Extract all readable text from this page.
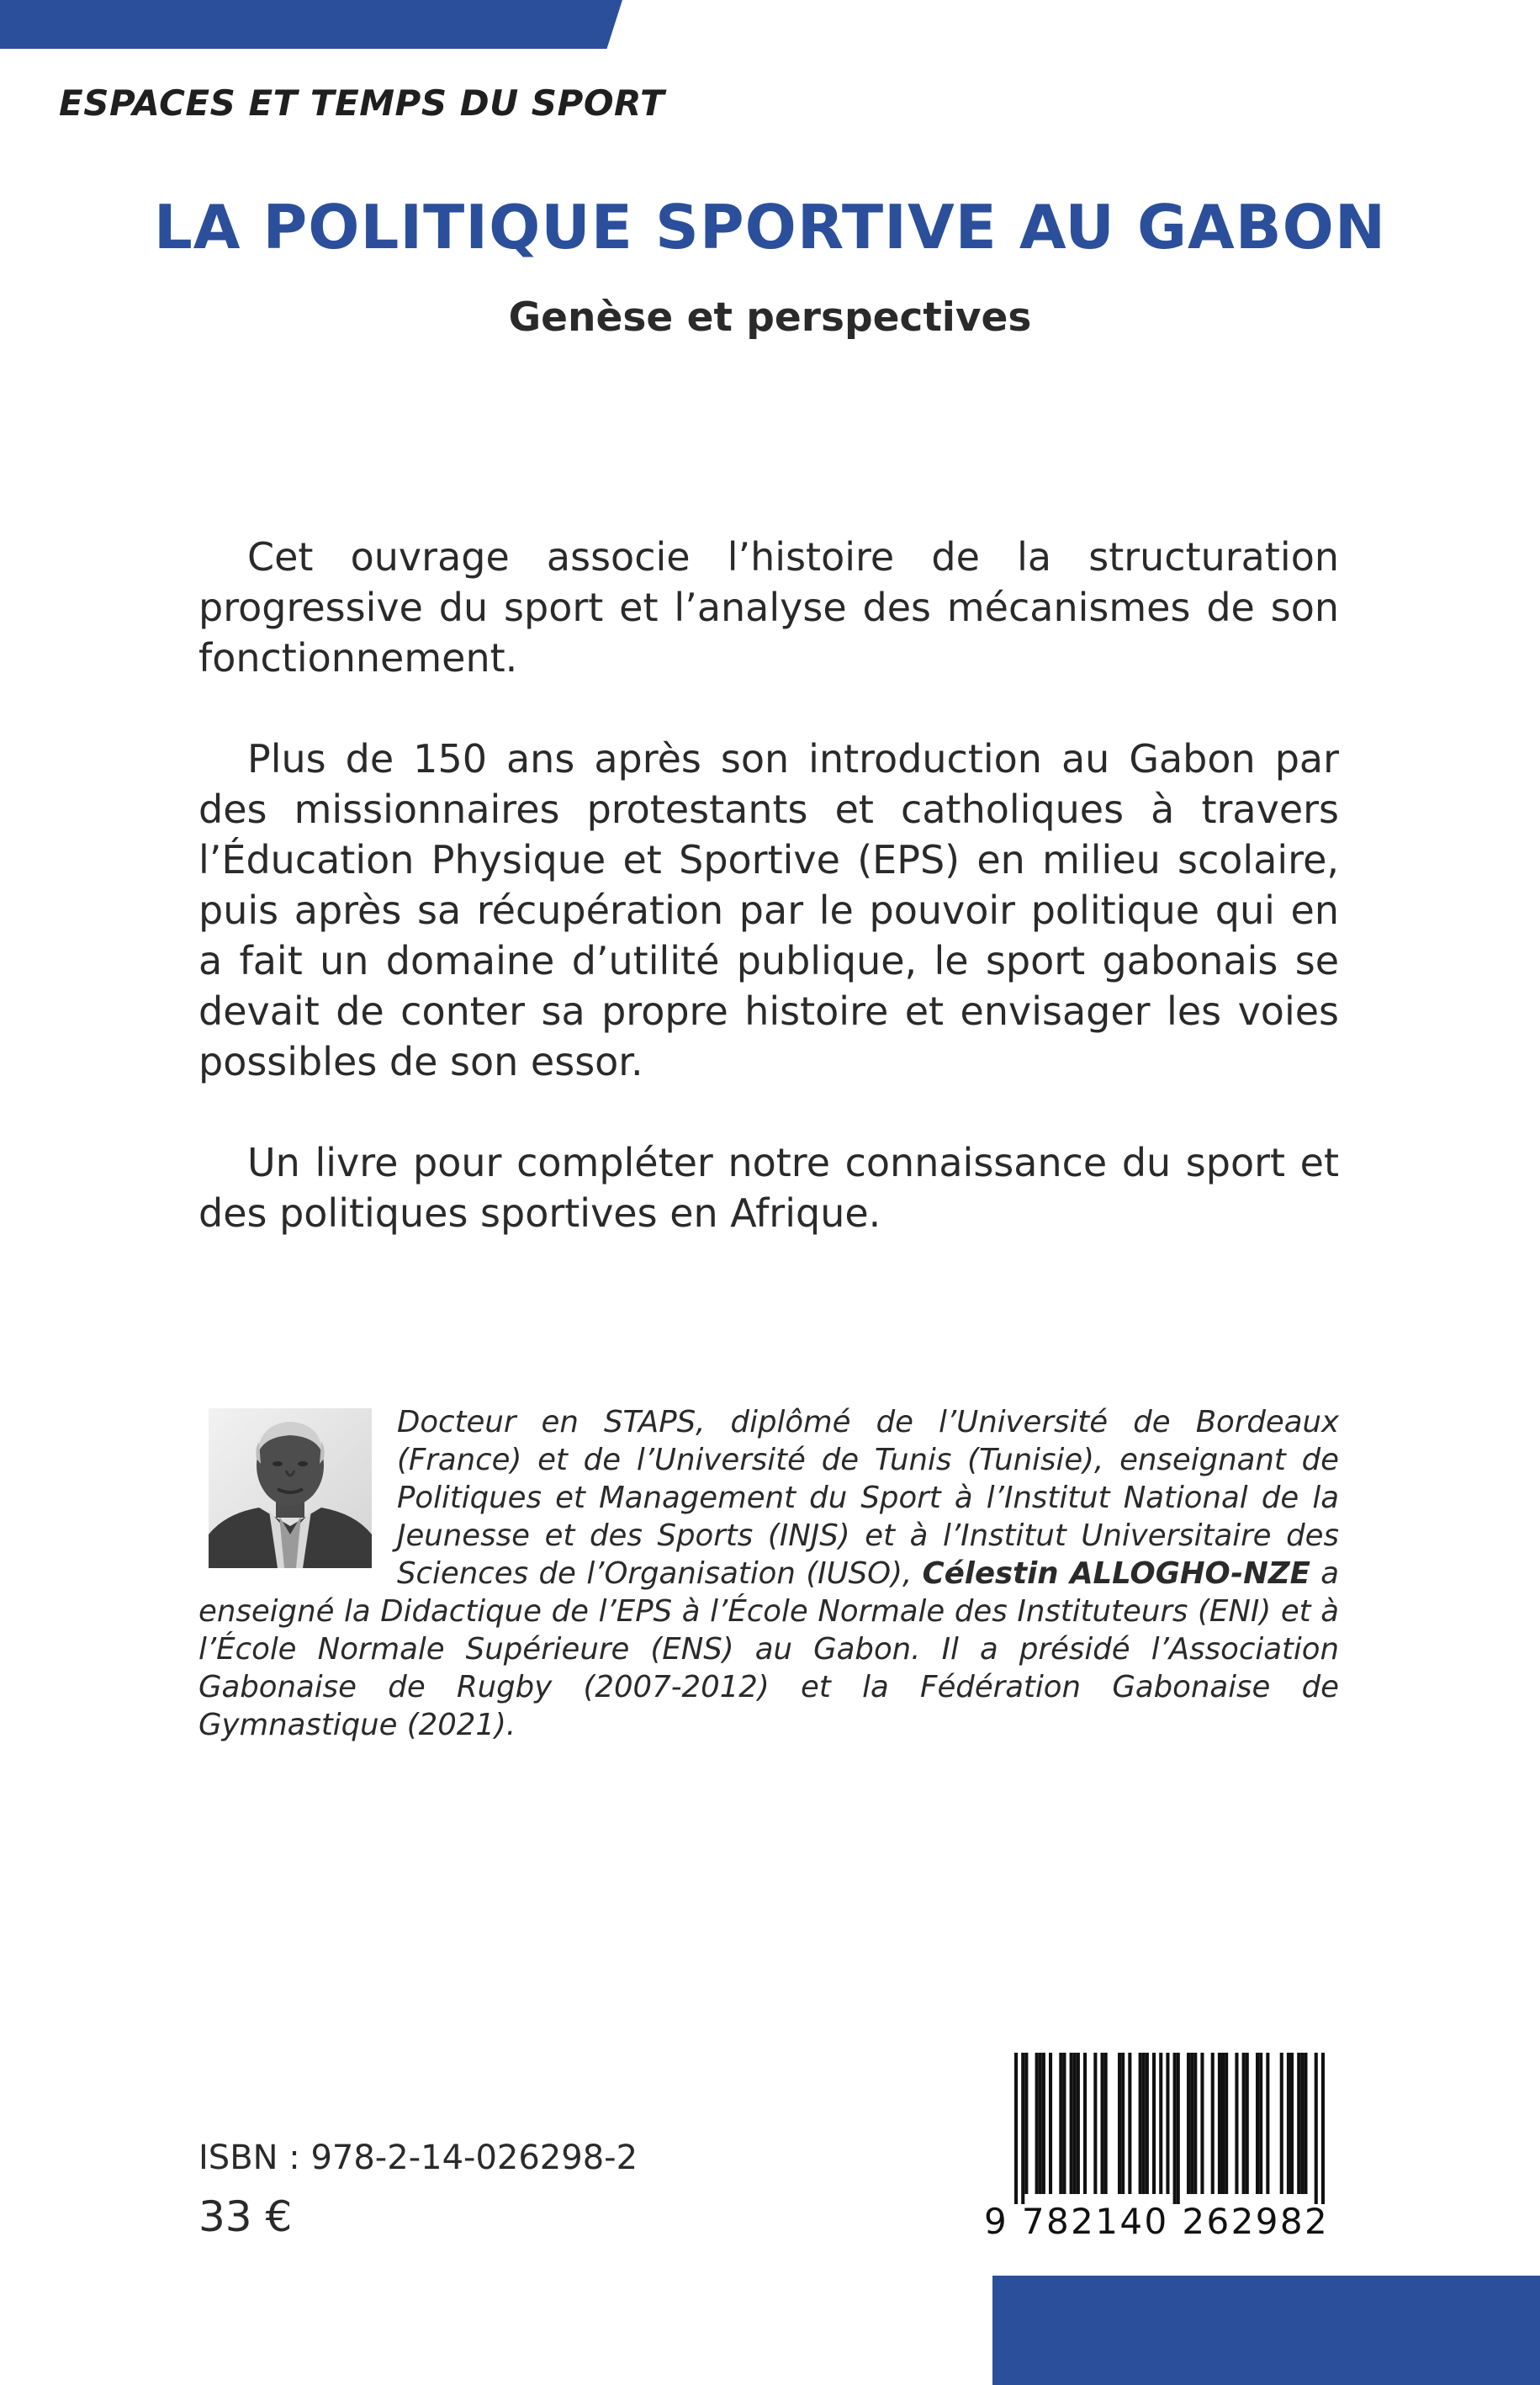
ESPACES ET TEMPS DU SPORT
LA POLITIQUE SPORTIVE AU GABON
Genèse et perspectives

Cet ouvrage associe l’histoire de la structuration progressive du sport et l’analyse des mécanismes de son fonctionnement.

Plus de 150 ans après son introduction au Gabon par des missionnaires protestants et catholiques à travers l’Éducation Physique et Sportive (EPS) en milieu scolaire, puis après sa récupération par le pouvoir politique qui en a fait un domaine d’utilité publique, le sport gabonais se devait de conter sa propre histoire et envisager les voies possibles de son essor.

Un livre pour compléter notre connaissance du sport et des politiques sportives en Afrique.

Docteur en STAPS, diplômé de l’Université de Bordeaux (France) et de l’Université de Tunis (Tunisie), enseignant de Politiques et Management du Sport à l’Institut National de la Jeunesse et des Sports (INJS) et à l’Institut Universitaire des Sciences de l’Organisation (IUSO), Célestin ALLOGHO-NZE a enseigné la Didactique de l’EPS à l’École Normale des Instituteurs (ENI) et à l’École Normale Supérieure (ENS) au Gabon. Il a présidé l’Association Gabonaise de Rugby (2007-2012) et la Fédération Gabonaise de Gymnastique (2021).
ISBN : 978-2-14-026298-2
33 €	9 782140 262982
